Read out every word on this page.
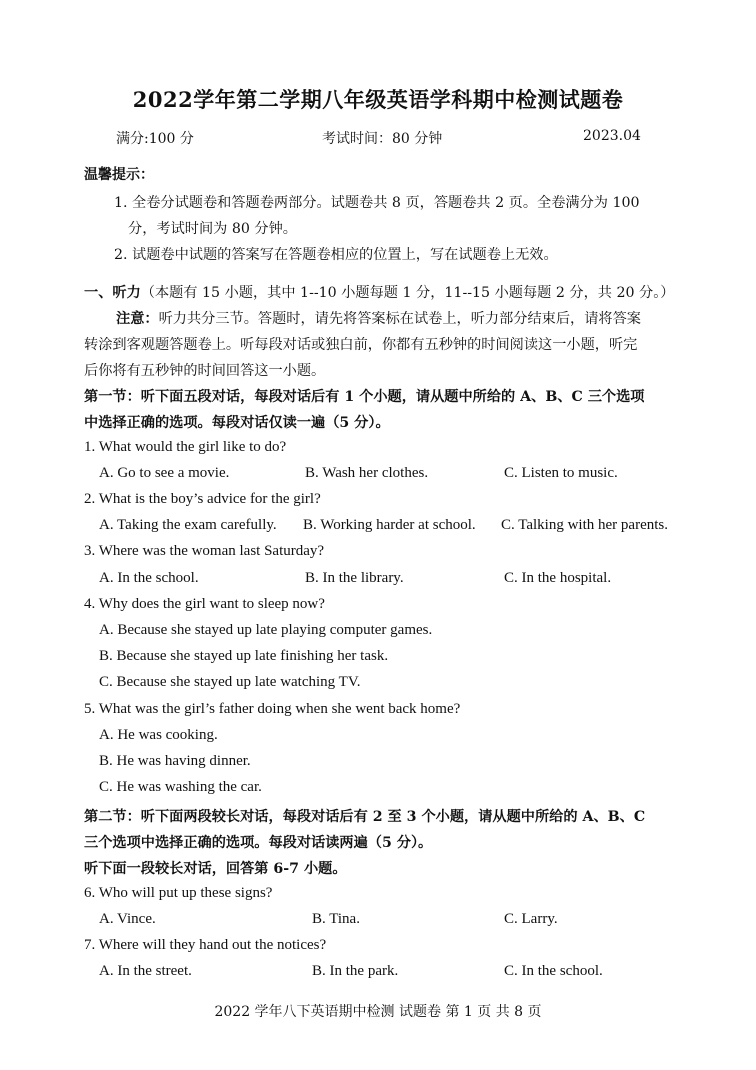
2022学年第二学期八年级英语学科期中检测试题卷
满分:100 分	考试时间：80 分钟	2023.04
温馨提示：
1. 全卷分试题卷和答题卷两部分。试题卷共 8 页，答题卷共 2 页。全卷满分为 100
分，考试时间为 80 分钟。
2. 试题卷中试题的答案写在答题卷相应的位置上，写在试题卷上无效。
一、听力（本题有 15 小题，其中 1--10 小题每题 1 分，11--15 小题每题 2 分，共 20 分。）
注意：听力共分三节。答题时，请先将答案标在试卷上，听力部分结束后，请将答案
转涂到客观题答题卷上。听每段对话或独白前，你都有五秒钟的时间阅读这一小题，听完
后你将有五秒钟的时间回答这一小题。
第一节：听下面五段对话，每段对话后有 1 个小题，请从题中所给的 A、B、C 三个选项
中选择正确的选项。每段对话仅读一遍（5 分）。
1. What would the girl like to do?
A. Go to see a movie.	B. Wash her clothes.	C. Listen to music.
2. What is the boy’s advice for the girl?
A. Taking the exam carefully. B. Working harder at school. C. Talking with her parents.
3. Where was the woman last Saturday?
A. In the school.	B. In the library.	C. In the hospital.
4. Why does the girl want to sleep now?
A. Because she stayed up late playing computer games.
B. Because she stayed up late finishing her task.
C. Because she stayed up late watching TV.
5. What was the girl’s father doing when she went back home?
A. He was cooking.
B. He was having dinner.
C. He was washing the car.
第二节：听下面两段较长对话，每段对话后有 2 至 3 个小题，请从题中所给的 A、B、C
三个选项中选择正确的选项。每段对话读两遍（5 分）。
听下面一段较长对话，回答第 6-7 小题。
6. Who will put up these signs?
A. Vince.	B. Tina.	C. Larry.
7. Where will they hand out the notices?
A. In the street.	B. In the park.	C. In the school.
2022 学年八下英语期中检测 试题卷 第 1 页 共 8 页
